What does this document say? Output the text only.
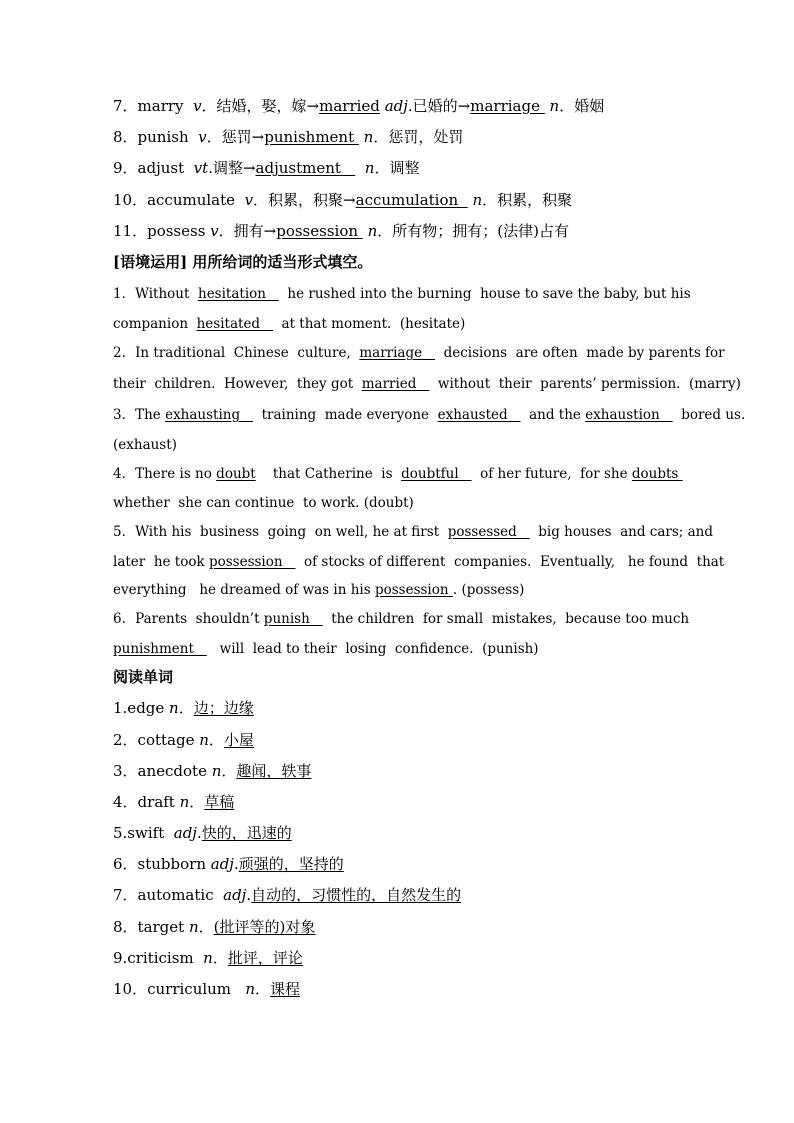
7．marry  v．结婚，娶，嫁→married adj.已婚的→marriage  n．婚姻
8．punish  v．惩罚→punishment  n．惩罚，处罚
9．adjust  vt.调整→adjustment     n．调整
10．accumulate  v．积累，积聚→accumulation   n．积累，积聚
11．possess v．拥有→possession  n．所有物；拥有；(法律)占有
[语境运用] 用所给词的适当形式填空。
1．Without  hesitation     he rushed into the burning  house to save the baby, but his
companion  hesitated     at that moment.  (hesitate)
2．In traditional  Chinese  culture,  marriage     decisions  are often  made by parents for
their  children.  However,  they got  married     without  their  parents’ permission.  (marry)
3．The exhausting     training  made everyone  exhausted     and the exhaustion     bored us.
(exhaust)
4．There is no doubt    that Catherine  is  doubtful     of her future,  for she doubts
whether  she can continue  to work. (doubt)
5．With his  business  going  on well, he at first  possessed     big houses  and cars; and
later  he took possession     of stocks of different  companies.  Eventually,   he found  that
everything   he dreamed of was in his possession . (possess)
6．Parents  shouldn’t punish     the children  for small  mistakes,  because too much
punishment      will  lead to their  losing  confidence.  (punish)
阅读单词
1.edge n．边；边缘
2．cottage n．小屋
3．anecdote n．趣闻，轶事
4．draft n．草稿
5.swift  adj.快的，迅速的
6．stubborn adj.顽强的，坚持的
7．automatic  adj.自动的，习惯性的，自然发生的
8．target n．(批评等的)对象
9.criticism  n．批评，评论
10．curriculum   n．课程
